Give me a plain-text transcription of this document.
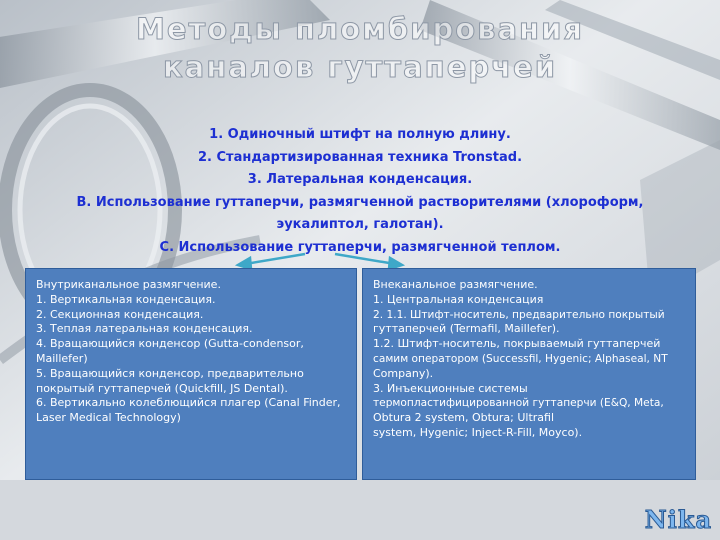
Методы пломбирования
каналов гуттаперчей
1. Одиночный штифт на полную длину.
2. Стандартизированная техника Tronstad.
3. Латеральная конденсация.
В. Использование гуттаперчи, размягченной растворителями (хлороформ,
эукалиптол, галотан).
С. Использование гуттаперчи, размягченной теплом.
Внутриканальное размягчение.
1. Вертикальная конденсация.
2. Секционная конденсация.
3. Теплая латеральная конденсация.
4. Вращающийся конденсор (Gutta-condensor,
Maillefer)
5. Вращающийся конденсор, предварительно
покрытый гуттаперчей (Quickfill, JS Dental).
6. Вертикально колеблющийся плагер (Canal Finder,
Laser Medical Technology)
Внеканальное размягчение.
1. Центральная конденсация
2. 1.1. Штифт-носитель, предварительно покрытый
гуттаперчей (Termafil, Maillefer).
1.2. Штифт-носитель, покрываемый гуттаперчей
самим оператором (Successfil, Hygenic; Alphaseal, NT
Company).
3. Инъекционные системы
термопластифицированной гуттаперчи (E&Q, Meta,
Obtura 2 system, Obtura; Ultrafil
system, Hygenic; Inject-R-Fill, Moyco).
Nika
